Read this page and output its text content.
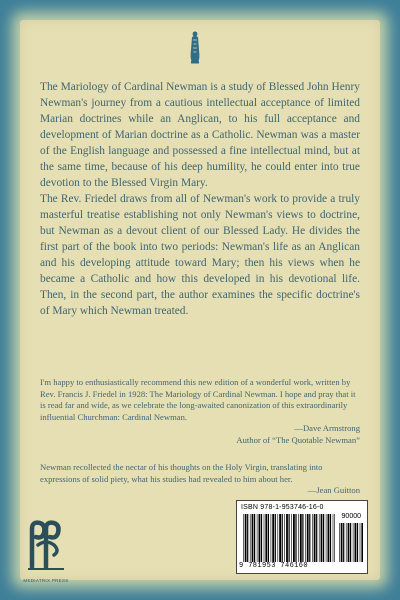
The Mariology of Cardinal Newman is a study of Blessed John Henry Newman's journey from a cautious intellectual acceptance of limited Marian doctrines while an Anglican, to his full acceptance and development of Marian doctrine as a Catholic. Newman was a master of the English language and possessed a fine intellectual mind, but at the same time, because of his deep humility, he could enter into true devotion to the Blessed Virgin Mary.

The Rev. Friedel draws from all of Newman's work to provide a truly masterful treatise establishing not only Newman's views to doctrine, but Newman as a devout client of our Blessed Lady. He divides the first part of the book into two periods: Newman's life as an Anglican and his developing attitude toward Mary; then his views when he became a Catholic and how this developed in his devotional life. Then, in the second part, the author examines the specific doctrine's of Mary which Newman treated.

I'm happy to enthusiastically recommend this new edition of a wonderful work, written by Rev. Francis J. Friedel in 1928: The Mariology of Cardinal Newman. I hope and pray that it is read far and wide, as we celebrate the long-awaited canonization of this extraordinarily influential Churchman: Cardinal Newman.

—Dave Armstrong

Author of “The Quotable Newman”

Newman recollected the nectar of his thoughts on the Holy Virgin, translating into expressions of solid piety, what his studies had revealed to him about her.

—Jean Guitton

MEDIATRIX PRESS
ISBN 978-1-953746-16-0
90000
9 781953 746160
